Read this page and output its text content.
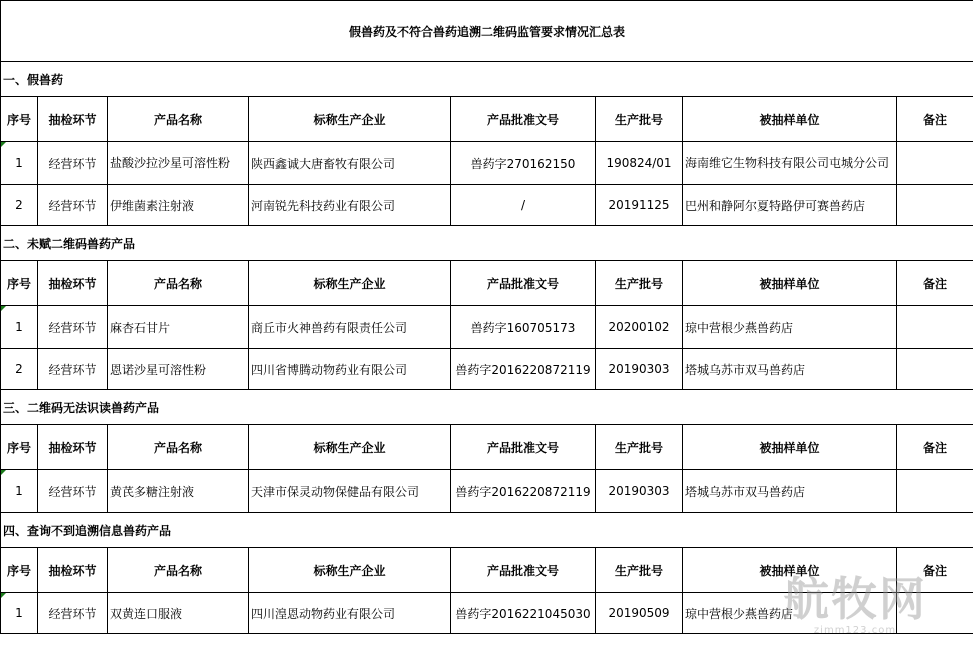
假兽药及不符合兽药追溯二维码监管要求情况汇总表							
一、假兽药							
序号	抽检环节	产品名称	标称生产企业	产品批准文号	生产批号	被抽样单位	备注
1	经营环节	盐酸沙拉沙星可溶性粉	陕西鑫诚大唐畜牧有限公司	兽药字270162150	190824/01	海南维它生物科技有限公司屯城分公司	
2	经营环节	伊维菌素注射液	河南锐先科技药业有限公司	/	20191125	巴州和静阿尔夏特路伊可赛兽药店	
二、未赋二维码兽药产品							
序号	抽检环节	产品名称	标称生产企业	产品批准文号	生产批号	被抽样单位	备注
1	经营环节	麻杏石甘片	商丘市火神兽药有限责任公司	兽药字160705173	20200102	琼中营根少燕兽药店	
2	经营环节	恩诺沙星可溶性粉	四川省博腾动物药业有限公司	兽药字2016220872119	20190303	塔城乌苏市双马兽药店	
三、二维码无法识读兽药产品							
序号	抽检环节	产品名称	标称生产企业	产品批准文号	生产批号	被抽样单位	备注
1	经营环节	黄芪多糖注射液	天津市保灵动物保健品有限公司	兽药字2016220872119	20190303	塔城乌苏市双马兽药店	
四、查询不到追溯信息兽药产品							
序号	抽检环节	产品名称	标称生产企业	产品批准文号	生产批号	被抽样单位	备注
1	经营环节	双黄连口服液	四川湟恩动物药业有限公司	兽药字2016221045030	20190509	琼中营根少燕兽药店	
航牧网
zimm123.com
